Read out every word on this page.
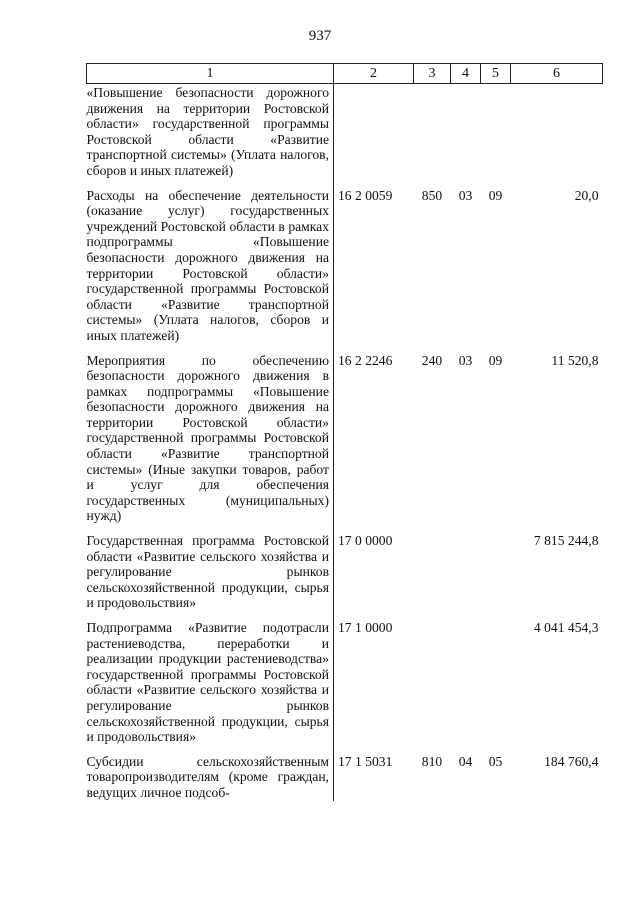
937
1	2	3	4	5	6
«Повышение безопасности дорожного движения на территории Ростовской области» государственной программы Ростовской области «Развитие транспортной системы» (Уплата налогов, сборов и иных платежей)					
Расходы на обеспечение деятельности (оказание услуг) государственных учреждений Ростовской области в рамках подпрограммы «Повышение безопасности дорожного движения на территории Ростовской области» государственной программы Ростовской области «Развитие транспортной системы» (Уплата налогов, сборов и иных платежей)	16 2 0059	850	03	09	20,0
Мероприятия по обеспечению безопасности дорожного движения в рамках подпрограммы «Повышение безопасности дорожного движения на территории Ростовской области» государственной программы Ростовской области «Развитие транспортной системы» (Иные закупки товаров, работ и услуг для обеспечения государственных (муниципальных) нужд)	16 2 2246	240	03	09	11 520,8
Государственная программа Ростовской области «Развитие сельского хозяйства и регулирование рынков сельскохозяйственной продукции, сырья и продовольствия»	17 0 0000				7 815 244,8
Подпрограмма «Развитие подотрасли растениеводства, переработки и реализации продукции растениеводства» государственной программы Ростовской области «Развитие сельского хозяйства и регулирование рынков сельскохозяйственной продукции, сырья и продовольствия»	17 1 0000				4 041 454,3
Субсидии сельскохозяйственным товаропроизводителям (кроме граждан, ведущих личное подсоб-	17 1 5031	810	04	05	184 760,4
